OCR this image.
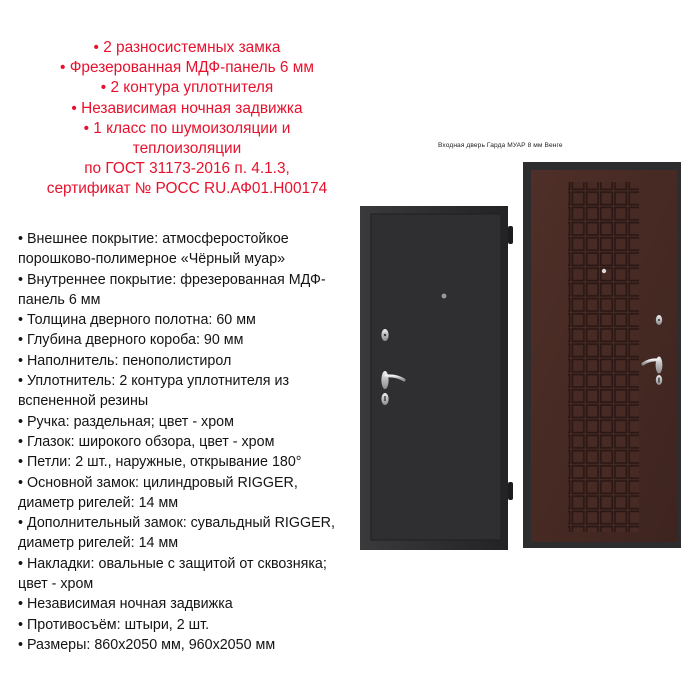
• 2 разносистемных замка

• Фрезерованная МДФ-панель 6 мм

• 2 контура уплотнителя

• Независимая ночная задвижка

• 1 класс по шумоизоляции и

теплоизоляции

по ГОСТ 31173-2016 п. 4.1.3,

сертификат № РОСС RU.АФ01.Н00174

• Внешнее покрытие: атмосферостойкое порошково-полимерное «Чёрный муар»

• Внутреннее покрытие: фрезерованная МДФ-панель 6 мм

• Толщина дверного полотна: 60 мм

• Глубина дверного короба: 90 мм

• Наполнитель: пенополистирол

• Уплотнитель: 2 контура уплотнителя из вспененной резины

• Ручка: раздельная; цвет - хром

• Глазок: широкого обзора, цвет - хром

• Петли: 2 шт., наружные, открывание 180°

• Основной замок: цилиндровый RIGGER, диаметр ригелей: 14 мм

• Дополнительный замок: сувальдный RIGGER, диаметр ригелей: 14 мм

• Накладки: овальные с защитой от сквозняка; цвет - хром

• Независимая ночная задвижка

• Противосъём: штыри, 2 шт.

• Размеры: 860x2050 мм, 960x2050 мм

Входная дверь Гарда МУАР 8 мм Венге
